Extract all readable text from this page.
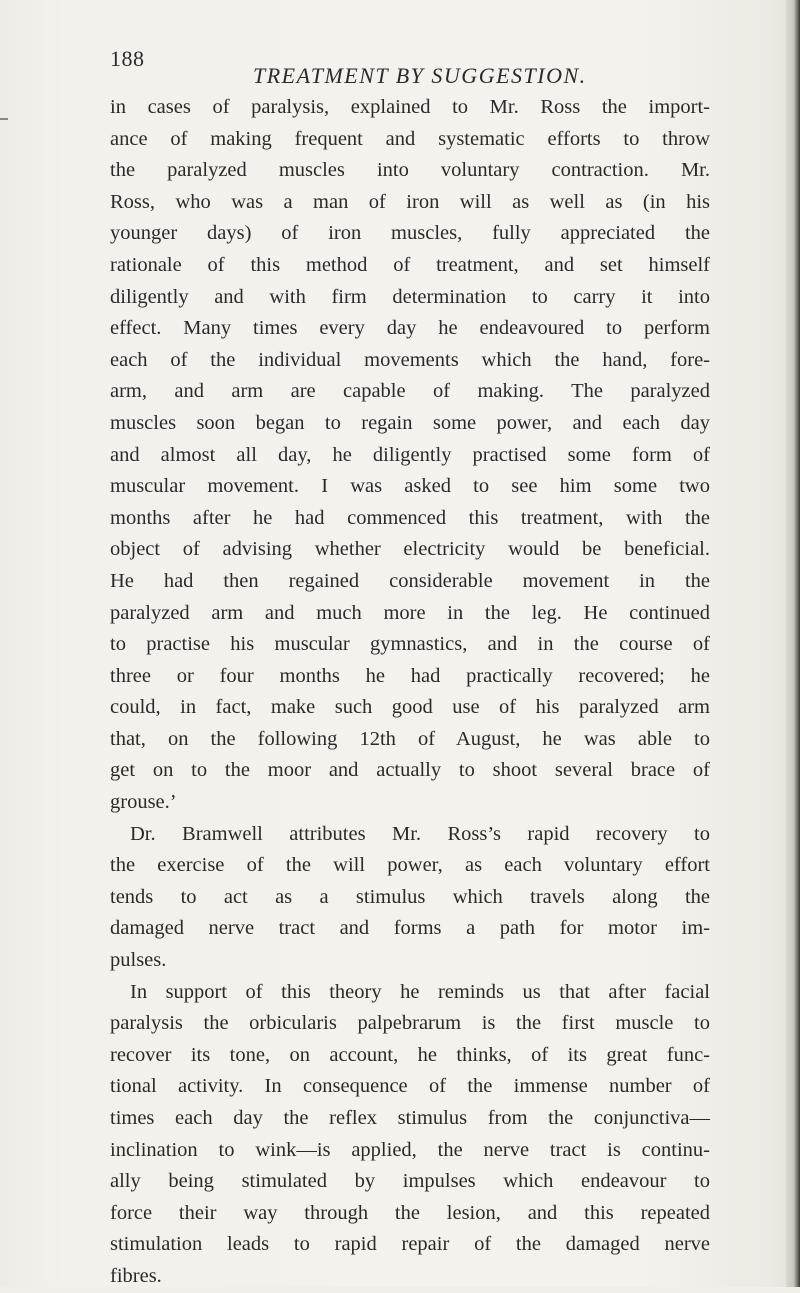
188
TREATMENT BY SUGGESTION.
in cases of paralysis, explained to Mr. Ross the import-
ance of making frequent and systematic efforts to throw
the paralyzed muscles into voluntary contraction. Mr.
Ross, who was a man of iron will as well as (in his
younger days) of iron muscles, fully appreciated the
rationale of this method of treatment, and set himself
diligently and with firm determination to carry it into
effect. Many times every day he endeavoured to perform
each of the individual movements which the hand, fore-
arm, and arm are capable of making. The paralyzed
muscles soon began to regain some power, and each day
and almost all day, he diligently practised some form of
muscular movement. I was asked to see him some two
months after he had commenced this treatment, with the
object of advising whether electricity would be beneficial.
He had then regained considerable movement in the
paralyzed arm and much more in the leg. He continued
to practise his muscular gymnastics, and in the course of
three or four months he had practically recovered; he
could, in fact, make such good use of his paralyzed arm
that, on the following 12th of August, he was able to
get on to the moor and actually to shoot several brace of
grouse.’
Dr. Bramwell attributes Mr. Ross’s rapid recovery to
the exercise of the will power, as each voluntary effort
tends to act as a stimulus which travels along the
damaged nerve tract and forms a path for motor im-
pulses.
In support of this theory he reminds us that after facial
paralysis the orbicularis palpebrarum is the first muscle to
recover its tone, on account, he thinks, of its great func-
tional activity. In consequence of the immense number of
times each day the reflex stimulus from the conjunctiva—
inclination to wink—is applied, the nerve tract is continu-
ally being stimulated by impulses which endeavour to
force their way through the lesion, and this repeated
stimulation leads to rapid repair of the damaged nerve
fibres.
